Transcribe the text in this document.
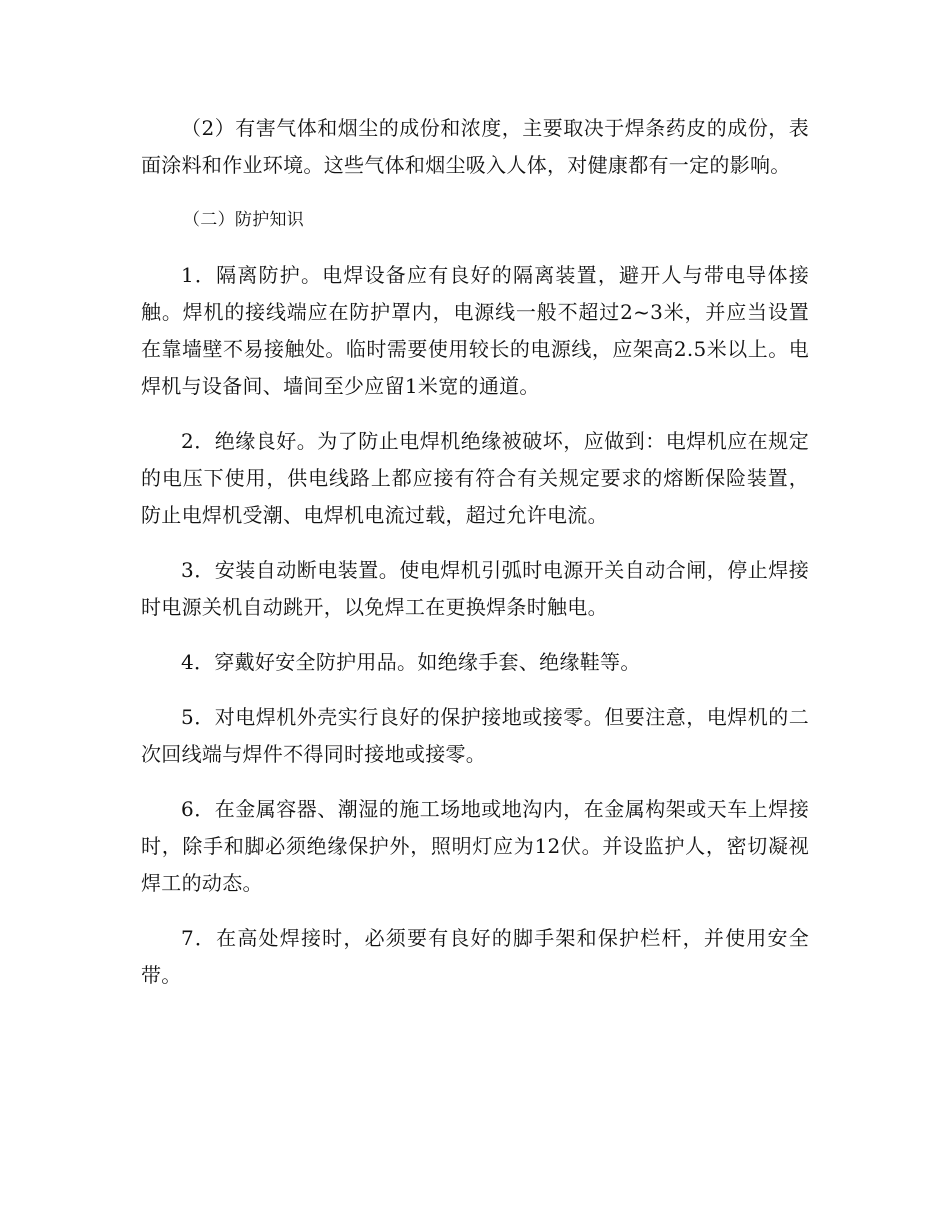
（2）有害气体和烟尘的成份和浓度，主要取决于焊条药皮的成份，表面涂料和作业环境。这些气体和烟尘吸入人体，对健康都有一定的影响。

（二）防护知识

1．隔离防护。电焊设备应有良好的隔离装置，避开人与带电导体接触。焊机的接线端应在防护罩内，电源线一般不超过2~3米，并应当设置在靠墙壁不易接触处。临时需要使用较长的电源线，应架高2.5米以上。电焊机与设备间、墙间至少应留1米宽的通道。

2．绝缘良好。为了防止电焊机绝缘被破坏，应做到：电焊机应在规定的电压下使用，供电线路上都应接有符合有关规定要求的熔断保险装置，防止电焊机受潮、电焊机电流过载，超过允许电流。

3．安装自动断电装置。使电焊机引弧时电源开关自动合闸，停止焊接时电源关机自动跳开，以免焊工在更换焊条时触电。

4．穿戴好安全防护用品。如绝缘手套、绝缘鞋等。

5．对电焊机外壳实行良好的保护接地或接零。但要注意，电焊机的二次回线端与焊件不得同时接地或接零。

6．在金属容器、潮湿的施工场地或地沟内，在金属构架或天车上焊接时，除手和脚必须绝缘保护外，照明灯应为12伏。并设监护人，密切凝视焊工的动态。

7．在高处焊接时，必须要有良好的脚手架和保护栏杆，并使用安全带。
